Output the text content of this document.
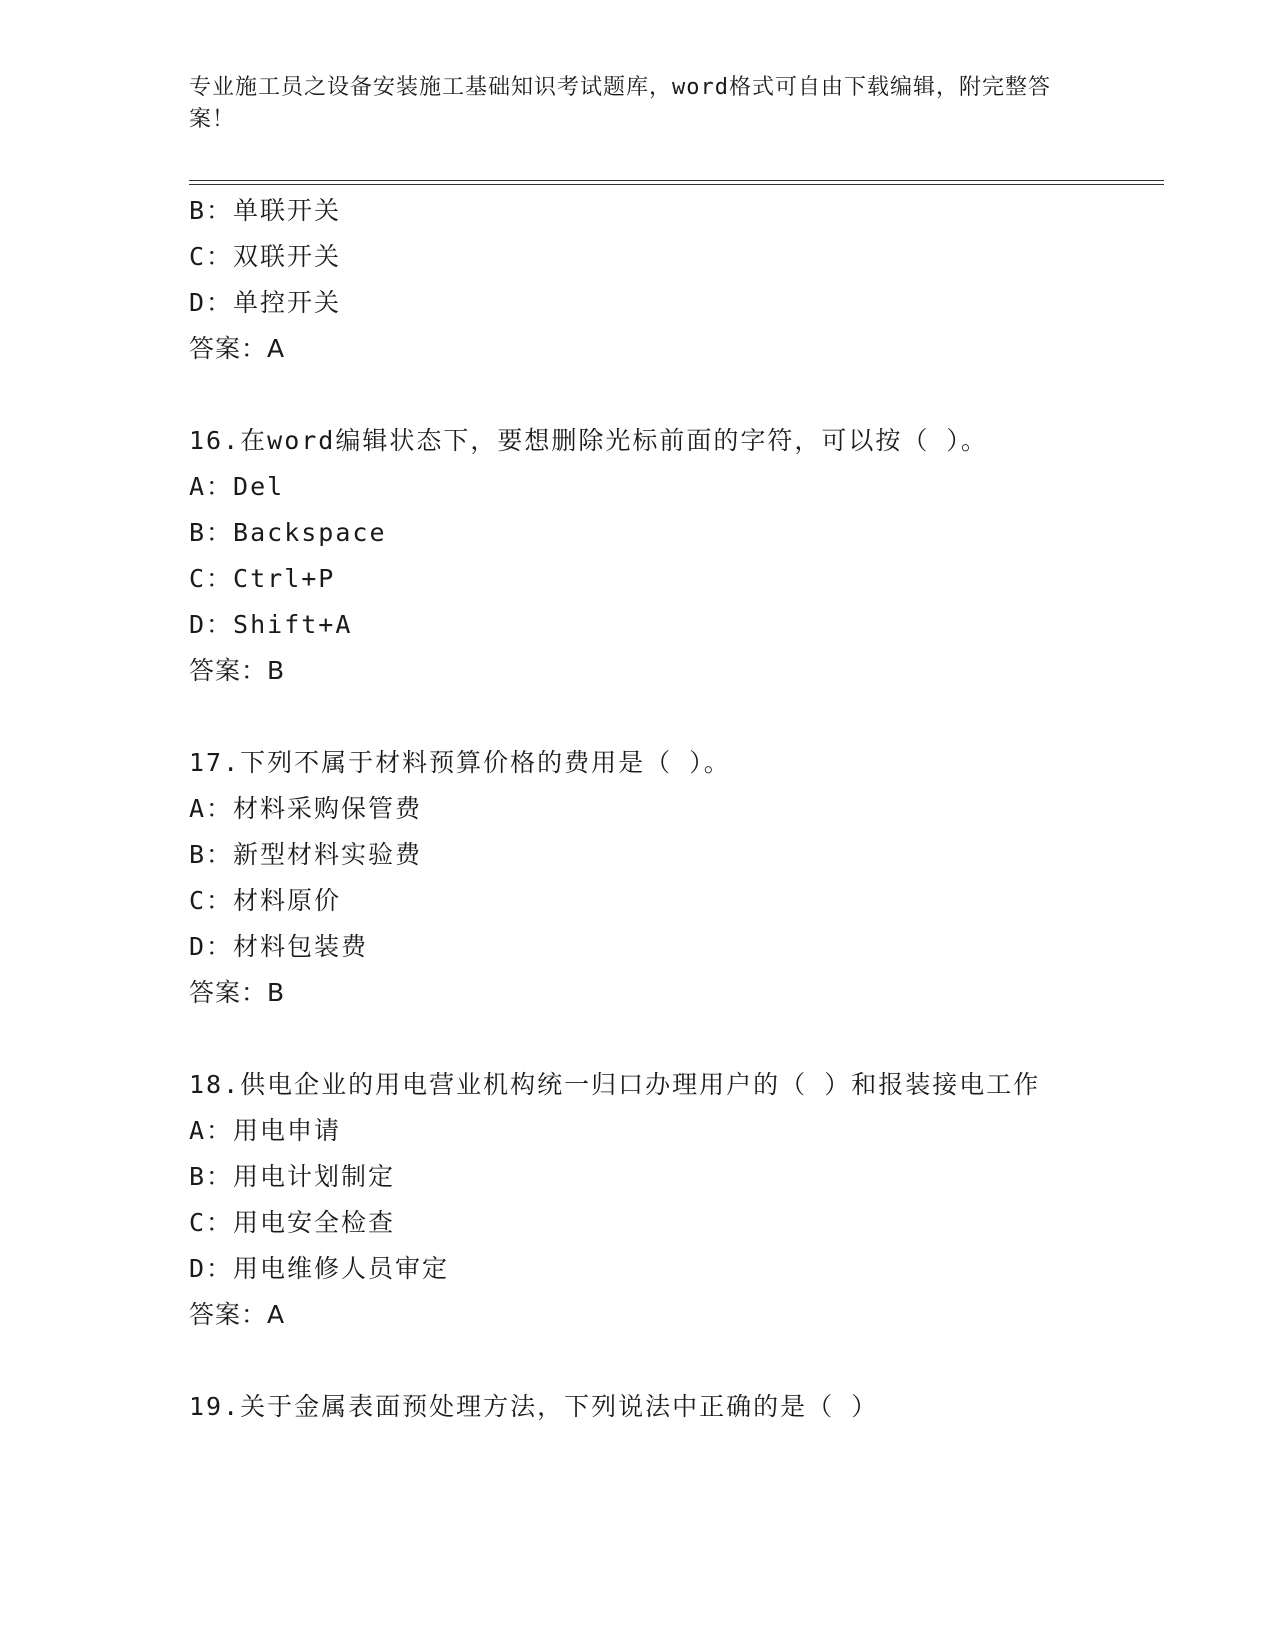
专业施工员之设备安装施工基础知识考试题库，word格式可自由下载编辑，附完整答案！
B：单联开关
C：双联开关
D：单控开关
答案：A
16.在word编辑状态下，要想删除光标前面的字符，可以按（ ）。
A：Del
B：Backspace
C：Ctrl+P
D：Shift+A
答案：B
17.下列不属于材料预算价格的费用是（ ）。
A：材料采购保管费
B：新型材料实验费
C：材料原价
D：材料包装费
答案：B
18.供电企业的用电营业机构统一归口办理用户的（ ）和报装接电工作
A：用电申请
B：用电计划制定
C：用电安全检查
D：用电维修人员审定
答案：A
19.关于金属表面预处理方法，下列说法中正确的是（ ）
